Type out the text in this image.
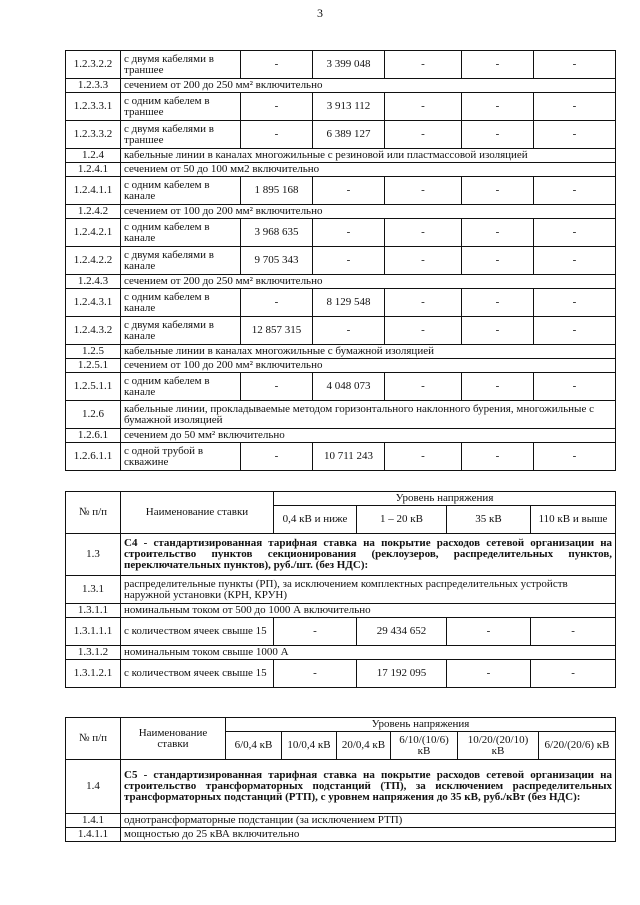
3
1.2.3.2.2	с двумя кабелями в траншее	-	3 399 048	-	-	-
1.2.3.3	сечением от 200 до 250 мм² включительно					
1.2.3.3.1	с одним кабелем в траншее	-	3 913 112	-	-	-
1.2.3.3.2	с двумя кабелями в траншее	-	6 389 127	-	-	-
1.2.4	кабельные линии в каналах многожильные с резиновой или пластмассовой изоляцией					
1.2.4.1	сечением от 50 до 100 мм2 включительно					
1.2.4.1.1	с одним кабелем в канале	1 895 168	-	-	-	-
1.2.4.2	сечением от 100 до 200 мм² включительно					
1.2.4.2.1	с одним кабелем в канале	3 968 635	-	-	-	-
1.2.4.2.2	с двумя кабелями в канале	9 705 343	-	-	-	-
1.2.4.3	сечением от 200 до 250 мм² включительно					
1.2.4.3.1	с одним кабелем в канале	-	8 129 548	-	-	-
1.2.4.3.2	с двумя кабелями в канале	12 857 315	-	-	-	-
1.2.5	кабельные линии в каналах многожильные с бумажной изоляцией					
1.2.5.1	сечением от 100 до 200 мм² включительно					
1.2.5.1.1	с одним кабелем в канале	-	4 048 073	-	-	-
1.2.6	кабельные линии, прокладываемые методом горизонтального наклонного бурения, многожильные с бумажной изоляцией					
1.2.6.1	сечением до 50 мм² включительно					
1.2.6.1.1	с одной трубой в скважине	-	10 711 243	-	-	-
№ п/п	Наименование ставки	Уровень напряжения			
		0,4 кВ и ниже	1 – 20 кВ	35 кВ	110 кВ и выше
1.3	С4 - стандартизированная тарифная ставка на покрытие расходов сетевой организации на строительство пунктов секционирования (реклоузеров, распределительных пунктов, переключательных пунктов), руб./шт. (без НДС):				
1.3.1	распределительные пункты (РП), за исключением комплектных распределительных устройств наружной установки (КРН, КРУН)				
1.3.1.1	номинальным током от 500 до 1000 А включительно				
1.3.1.1.1	с количеством ячеек свыше 15	-	29 434 652	-	-
1.3.1.2	номинальным током свыше 1000 А				
1.3.1.2.1	с количеством ячеек свыше 15	-	17 192 095	-	-
№ п/п	Наименование ставки	Уровень напряжения					
		6/0,4 кВ	10/0,4 кВ	20/0,4 кВ	6/10/(10/6) кВ	10/20/(20/10) кВ	6/20/(20/6) кВ
1.4	С5 - стандартизированная тарифная ставка на покрытие расходов сетевой организации на строительство трансформаторных подстанций (ТП), за исключением распределительных трансформаторных подстанций (РТП), с уровнем напряжения до 35 кВ, руб./кВт (без НДС):						
1.4.1	однотрансформаторные подстанции (за исключением РТП)						
1.4.1.1	мощностью до 25 кВА включительно						
